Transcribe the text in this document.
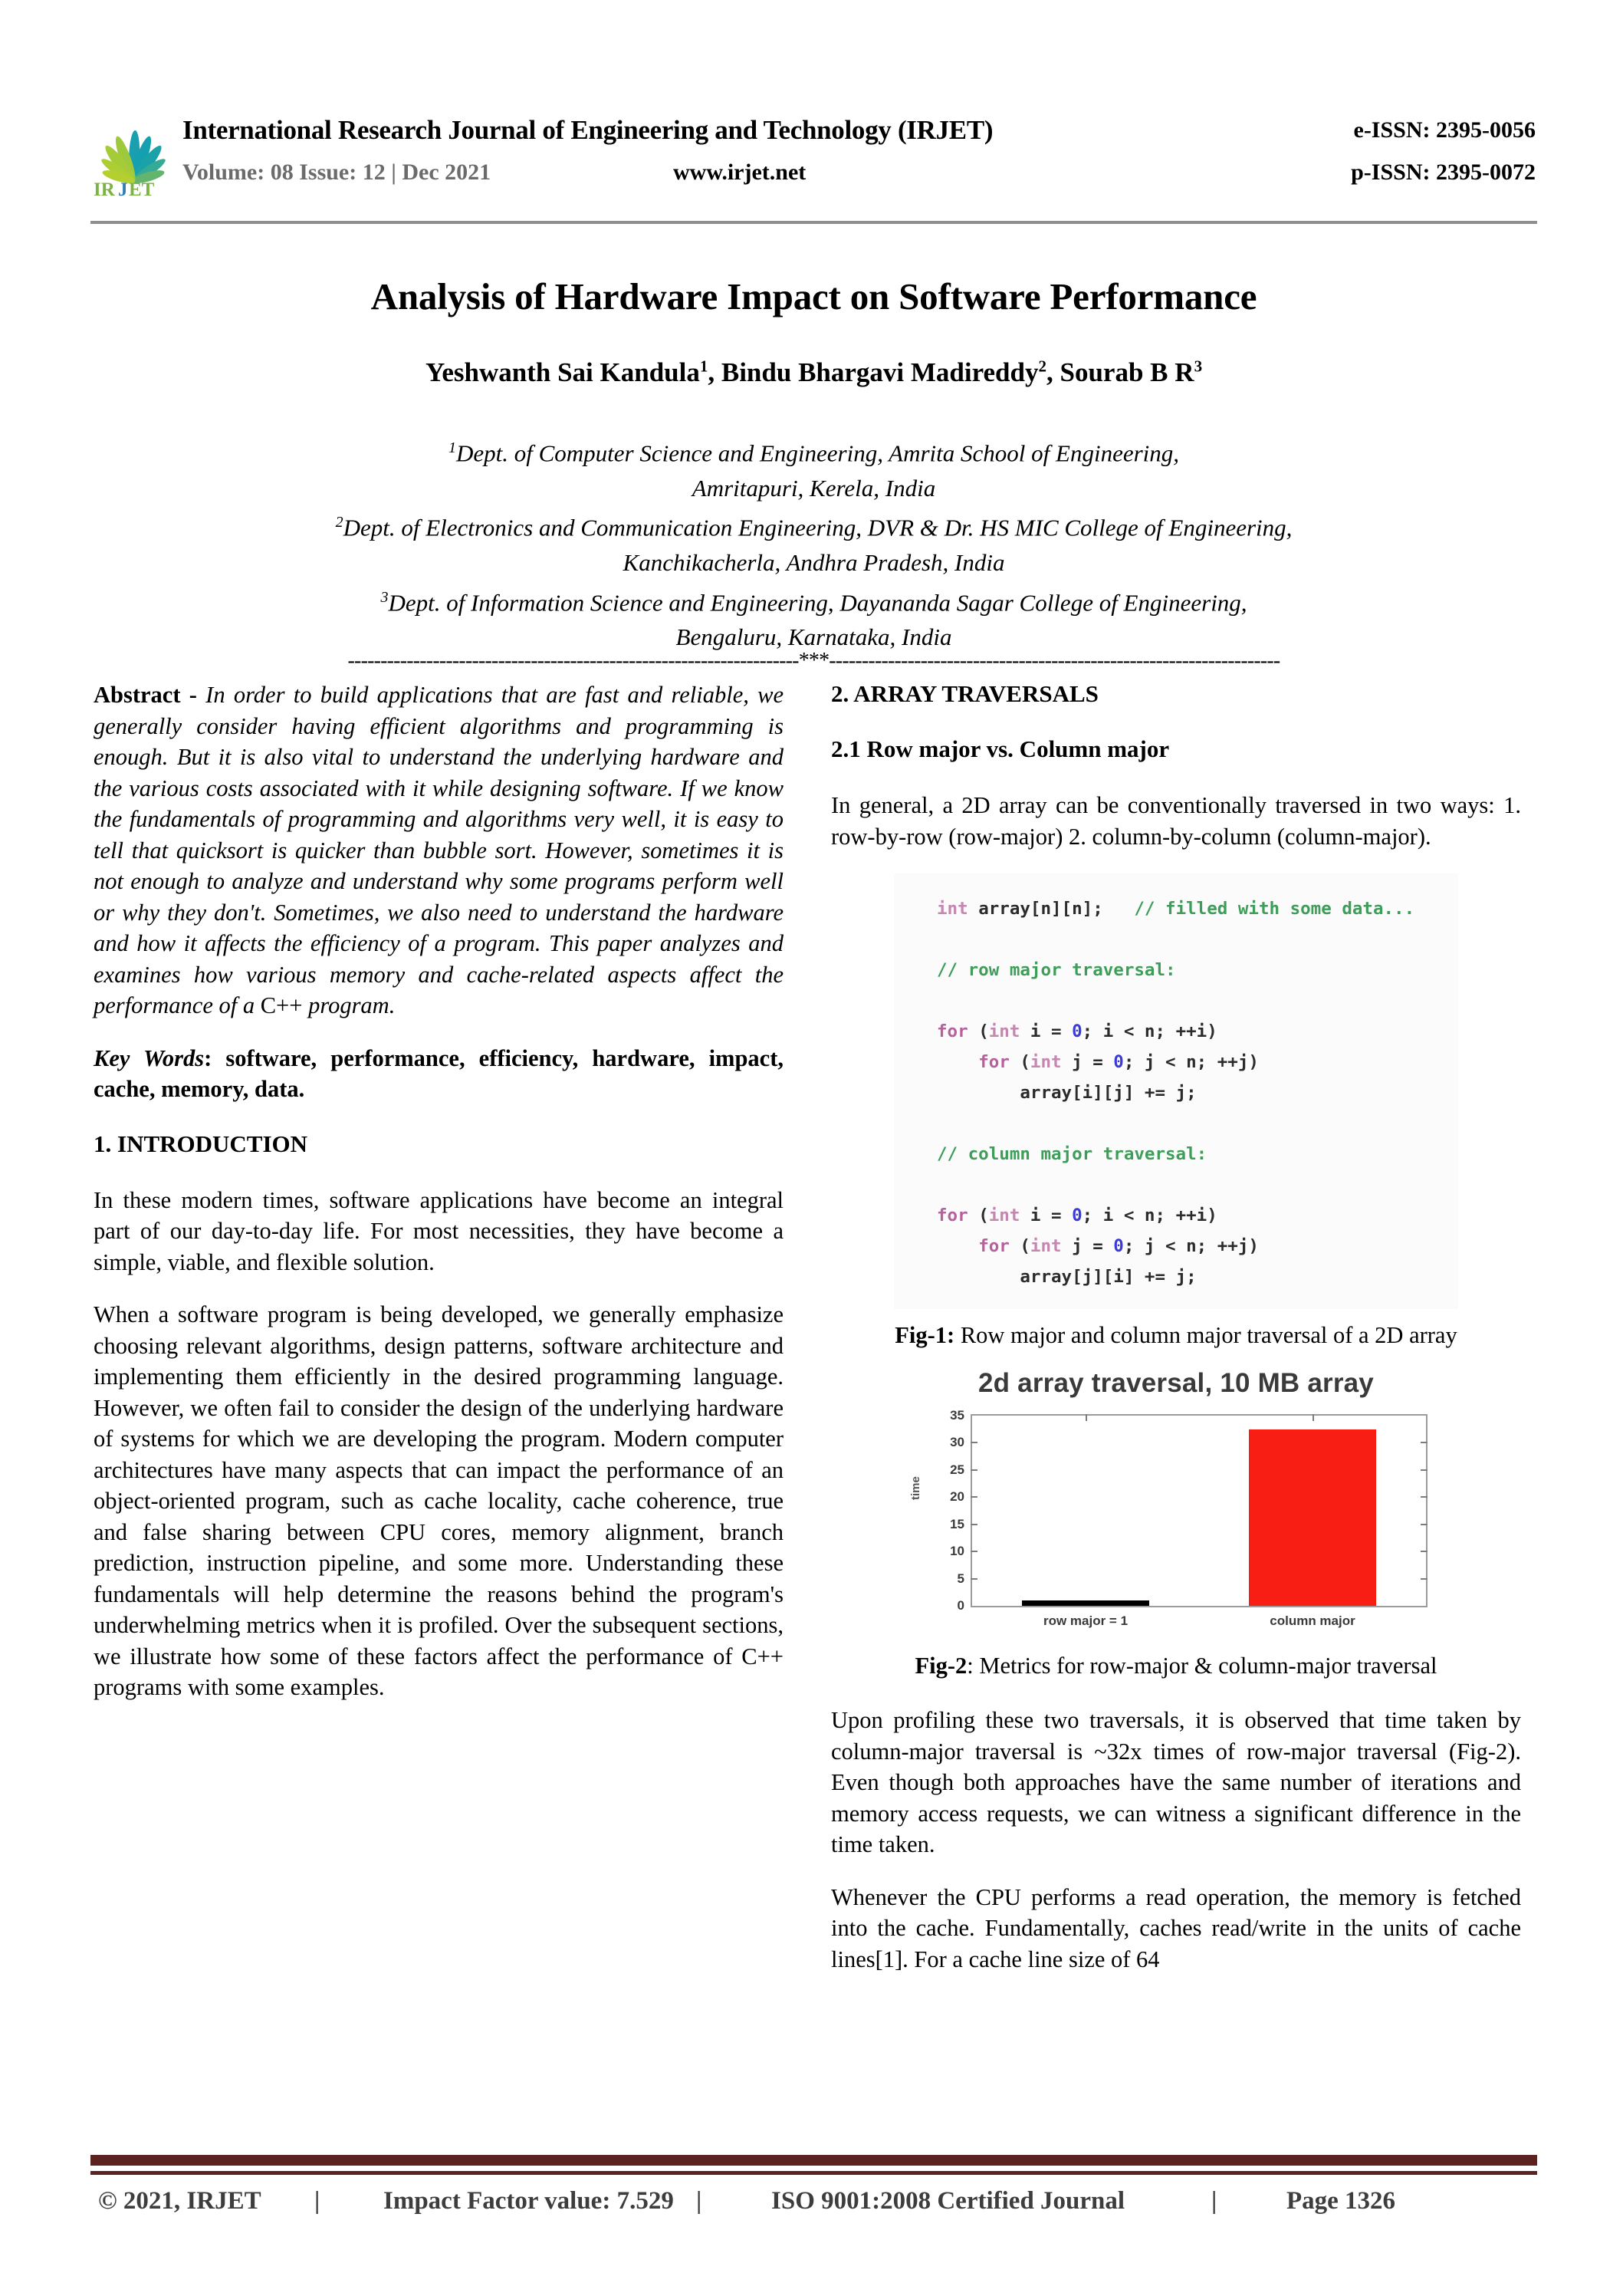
IR J ET
International Research Journal of Engineering and Technology (IRJET)	e-ISSN: 2395-0056
Volume: 08 Issue: 12 | Dec 2021	www.irjet.net	p-ISSN: 2395-0072
Analysis of Hardware Impact on Software Performance
Yeshwanth Sai Kandula$^1$, Bindu Bhargavi Madireddy$^2$, Sourab B $R^3$
$^1$Dept. of Computer Science and Engineering, Amrita School of Engineering,
Amritapuri, Kerela, India
$^2$Dept. of Electronics and Communication Engineering, DVR & Dr. HS MIC College of Engineering,
Kanchikacherla, Andhra Pradesh, India
$^3$Dept. of Information Science and Engineering, Dayananda Sagar College of Engineering,
Bengaluru, Karnataka, India
---------------------------------------------------------------------***---------------------------------------------------------------------

Abstract - In order to build applications that are fast and reliable, we generally consider having efficient algorithms and programming is enough. But it is also vital to understand the underlying hardware and the various costs associated with it while designing software. If we know the fundamentals of programming and algorithms very well, it is easy to tell that quicksort is quicker than bubble sort. However, sometimes it is not enough to analyze and understand why some programs perform well or why they don't. Sometimes, we also need to understand the hardware and how it affects the efficiency of a program. This paper analyzes and examines how various memory and cache-related aspects affect the performance of a C++ program.

Key Words: software, performance, efficiency, hardware, impact, cache, memory, data.

1. INTRODUCTION

In these modern times, software applications have become an integral part of our day-to-day life. For most necessities, they have become a simple, viable, and flexible solution.

When a software program is being developed, we generally emphasize choosing relevant algorithms, design patterns, software architecture and implementing them efficiently in the desired programming language. However, we often fail to consider the design of the underlying hardware of systems for which we are developing the program. Modern computer architectures have many aspects that can impact the performance of an object-oriented program, such as cache locality, cache coherence, true and false sharing between CPU cores, memory alignment, branch prediction, instruction pipeline, and some more. Understanding these fundamentals will help determine the reasons behind the program's underwhelming metrics when it is profiled. Over the subsequent sections, we illustrate how some of these factors affect the performance of C++ programs with some examples.

2. ARRAY TRAVERSALS
2.1 Row major vs. Column major

In general, a 2D array can be conventionally traversed in two ways: 1. row-by-row (row-major) 2. column-by-column (column-major).

int array[n][n];   // filled with some data...

// row major traversal:

for (int i = 0; i < n; ++i)
for (int j = 0; j < n; ++j)
array[i][j] += j;

// column major traversal:

for (int i = 0; i < n; ++i)
for (int j = 0; j < n; ++j)
array[j][i] += j;
Fig-1: Row major and column major traversal of a 2D array
2d array traversal, 10 MB array
time
0
5
10
15
20
25
30
35
row major = 1	column major
Fig-2: Metrics for row-major & column-major traversal

Upon profiling these two traversals, it is observed that time taken by column-major traversal is ~32x times of row-major traversal (Fig-2). Even though both approaches have the same number of iterations and memory access requests, we can witness a significant difference in the time taken.

Whenever the CPU performs a read operation, the memory is fetched into the cache. Fundamentally, caches read/write in the units of cache lines[1]. For a cache line size of 64

© 2021, IRJET |	Impact Factor value: 7.529 |	ISO 9001:2008 Certified Journal	|	Page 1326
